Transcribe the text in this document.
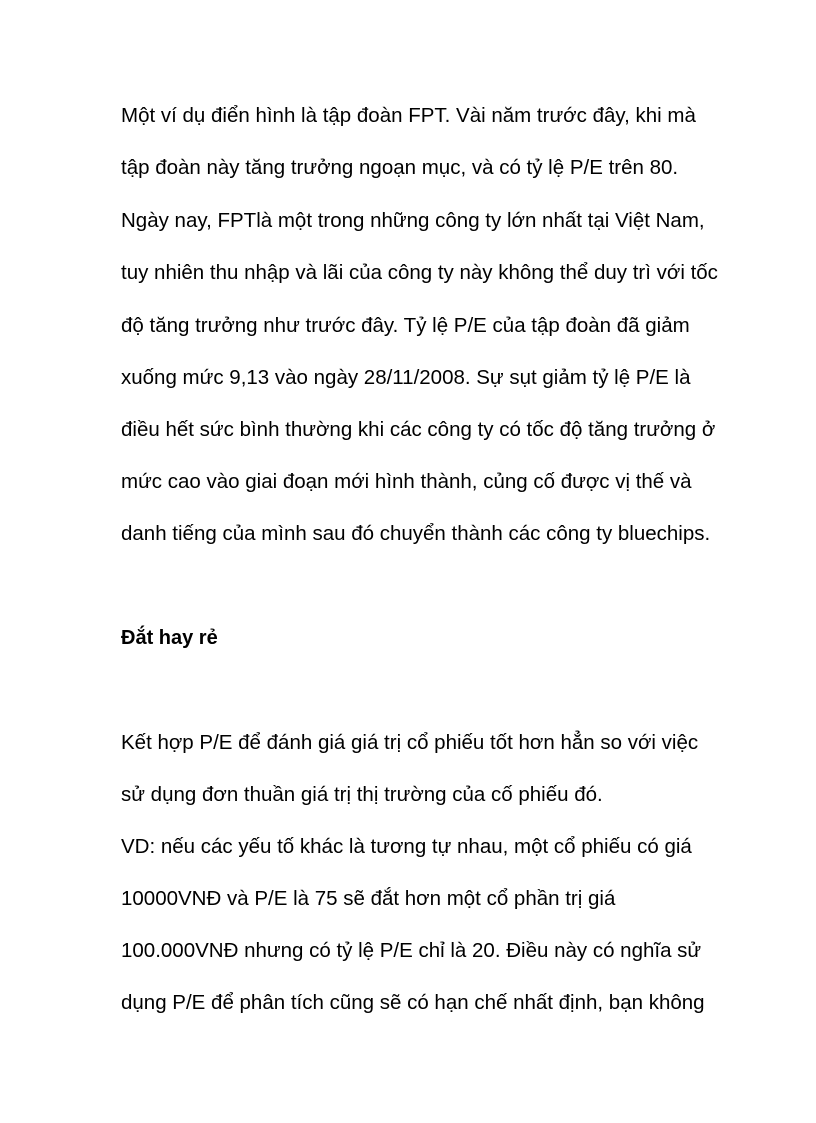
Một ví dụ điển hình là tập đoàn FPT. Vài năm trước đây, khi mà
tập đoàn này tăng trưởng ngoạn mục, và có tỷ lệ P/E trên 80.
Ngày nay, FPTlà một trong những công ty lớn nhất tại Việt Nam,
tuy nhiên thu nhập và lãi của công ty này không thể duy trì với tốc
độ tăng trưởng như trước đây. Tỷ lệ P/E của tập đoàn đã giảm
xuống mức 9,13 vào ngày 28/11/2008. Sự sụt giảm tỷ lệ P/E là
điều hết sức bình thường khi các công ty có tốc độ tăng trưởng ở
mức cao vào giai đoạn mới hình thành, củng cố được vị thế và
danh tiếng của mình sau đó chuyển thành các công ty bluechips.
Đắt hay rẻ
Kết hợp P/E để đánh giá giá trị cổ phiếu tốt hơn hẳn so với việc
sử dụng đơn thuần giá trị thị trường của cố phiếu đó.
VD: nếu các yếu tố khác là tương tự nhau, một cổ phiếu có giá
10000VNĐ và P/E là 75 sẽ đắt hơn một cổ phần trị giá
100.000VNĐ nhưng có tỷ lệ P/E chỉ là 20. Điều này có nghĩa sử
dụng P/E để phân tích cũng sẽ có hạn chế nhất định, bạn không
